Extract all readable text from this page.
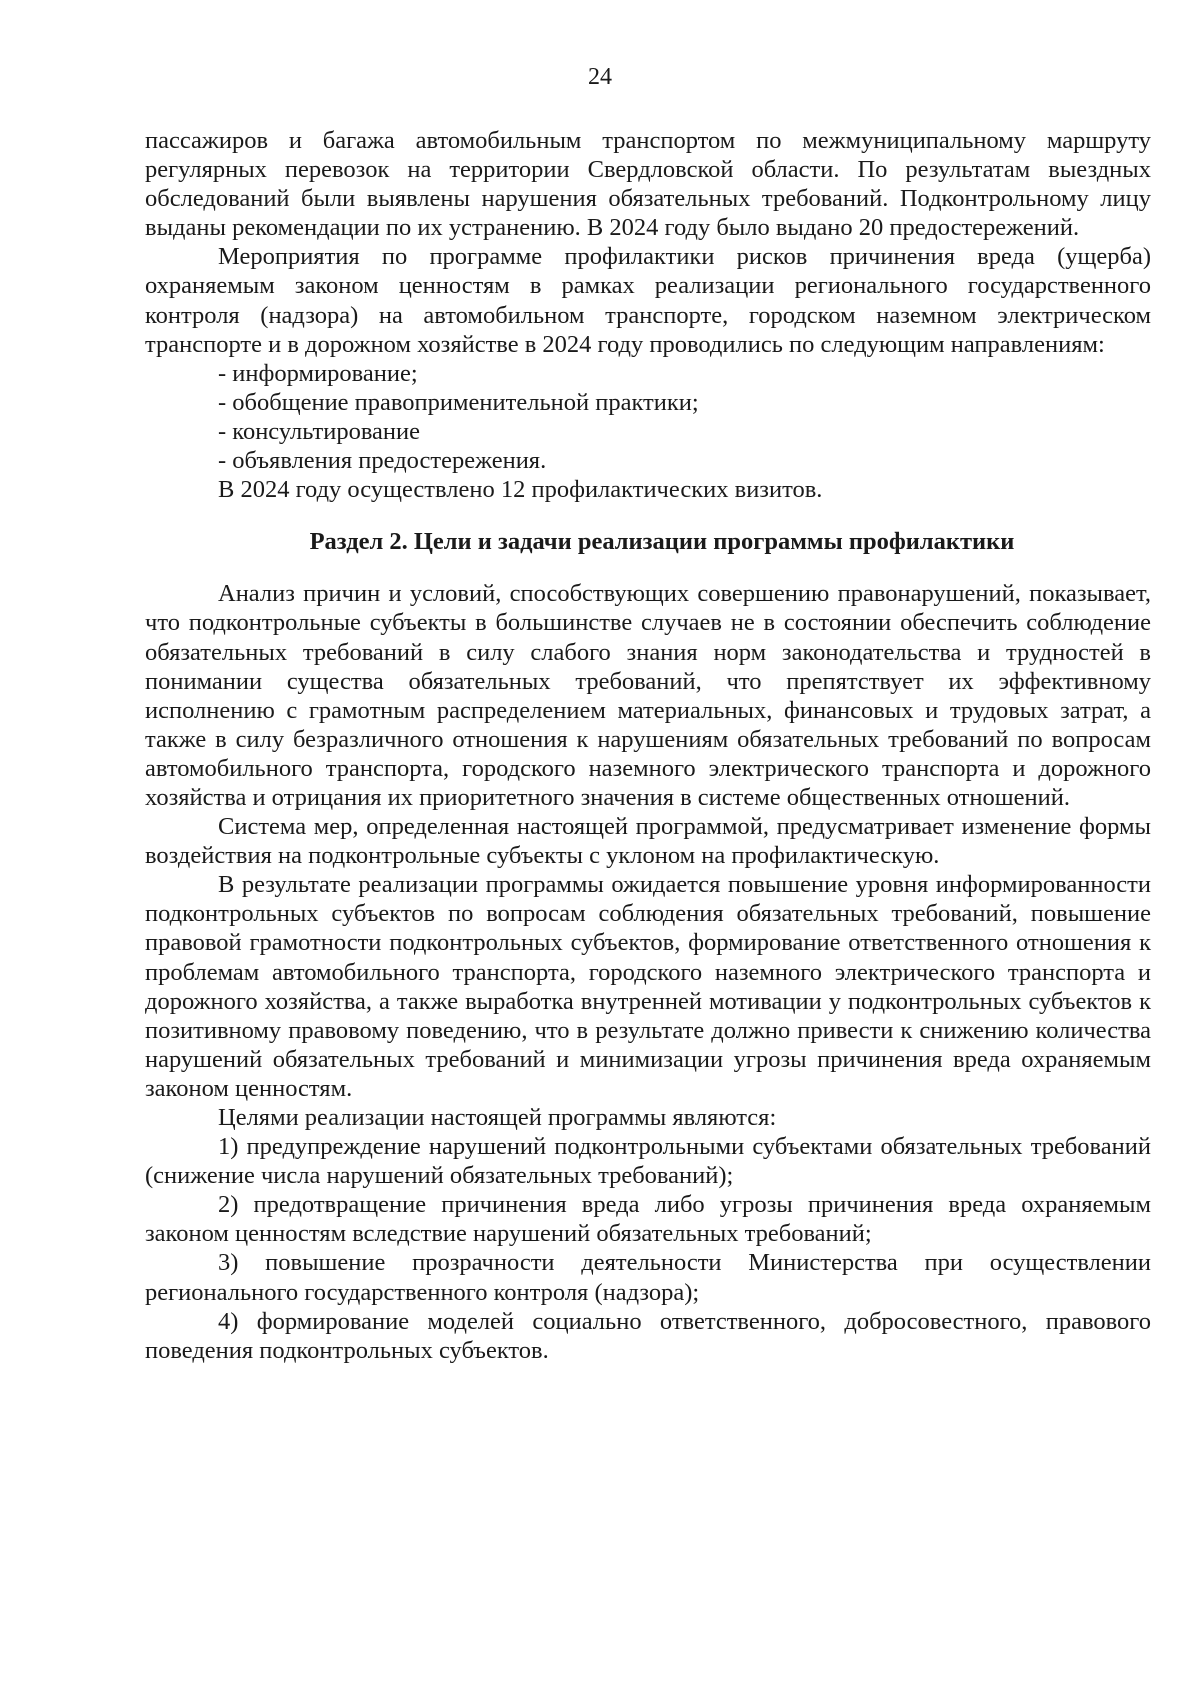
24

пассажиров и багажа автомобильным транспортом по межмуниципальному маршруту регулярных перевозок на территории Свердловской области. По результатам выездных обследований были выявлены нарушения обязательных требований. Подконтрольному лицу выданы рекомендации по их устранению. В 2024 году было выдано 20 предостережений.

Мероприятия по программе профилактики рисков причинения вреда (ущерба) охраняемым законом ценностям в рамках реализации регионального государственного контроля (надзора) на автомобильном транспорте, городском наземном электрическом транспорте и в дорожном хозяйстве в 2024 году проводились по следующим направлениям:

- информирование;

- обобщение правоприменительной практики;

- консультирование

- объявления предостережения.

В 2024 году осуществлено 12 профилактических визитов.

Раздел 2. Цели и задачи реализации программы профилактики

Анализ причин и условий, способствующих совершению правонарушений, показывает, что подконтрольные субъекты в большинстве случаев не в состоянии обеспечить соблюдение обязательных требований в силу слабого знания норм законодательства и трудностей в понимании существа обязательных требований, что препятствует их эффективному исполнению с грамотным распределением материальных, финансовых и трудовых затрат, а также в силу безразличного отношения к нарушениям обязательных требований по вопросам автомобильного транспорта, городского наземного электрического транспорта и дорожного хозяйства и отрицания их приоритетного значения в системе общественных отношений.

Система мер, определенная настоящей программой, предусматривает изменение формы воздействия на подконтрольные субъекты с уклоном на профилактическую.

В результате реализации программы ожидается повышение уровня информированности подконтрольных субъектов по вопросам соблюдения обязательных требований, повышение правовой грамотности подконтрольных субъектов, формирование ответственного отношения к проблемам автомобильного транспорта, городского наземного электрического транспорта и дорожного хозяйства, а также выработка внутренней мотивации у подконтрольных субъектов к позитивному правовому поведению, что в результате должно привести к снижению количества нарушений обязательных требований и минимизации угрозы причинения вреда охраняемым законом ценностям.

Целями реализации настоящей программы являются:

1) предупреждение нарушений подконтрольными субъектами обязательных требований (снижение числа нарушений обязательных требований);

2) предотвращение причинения вреда либо угрозы причинения вреда охраняемым законом ценностям вследствие нарушений обязательных требований;

3) повышение прозрачности деятельности Министерства при осуществлении регионального государственного контроля (надзора);

4) формирование моделей социально ответственного, добросовестного, правового поведения подконтрольных субъектов.
